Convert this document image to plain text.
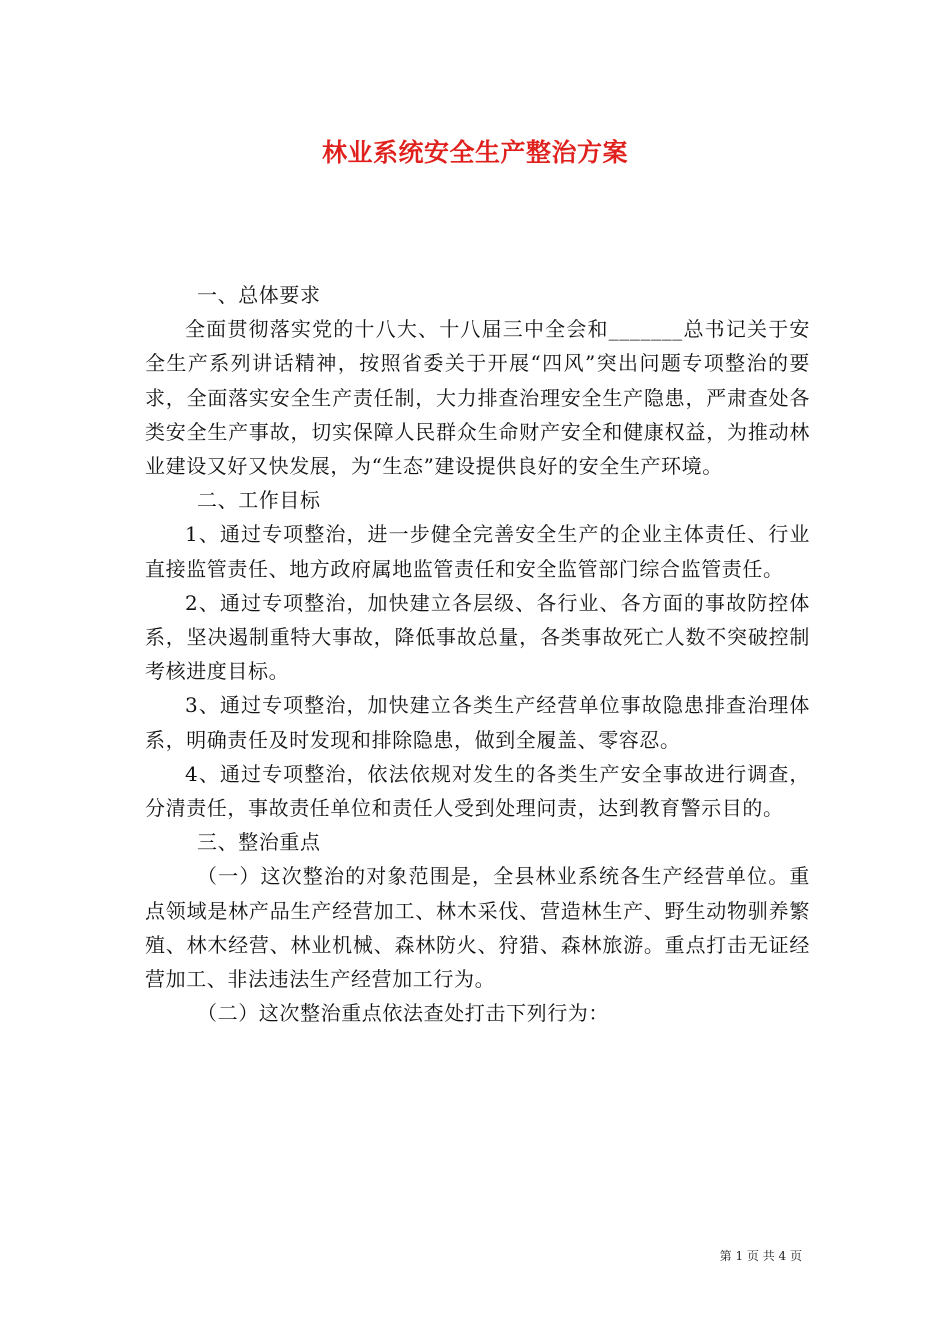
林业系统安全生产整治方案

一、总体要求

全面贯彻落实党的十八大、十八届三中全会和_______总书记关于安全生产系列讲话精神，按照省委关于开展“四风”突出问题专项整治的要求，全面落实安全生产责任制，大力排查治理安全生产隐患，严肃查处各类安全生产事故，切实保障人民群众生命财产安全和健康权益，为推动林业建设又好又快发展，为“生态”建设提供良好的安全生产环境。

二、工作目标

1、通过专项整治，进一步健全完善安全生产的企业主体责任、行业直接监管责任、地方政府属地监管责任和安全监管部门综合监管责任。

2、通过专项整治，加快建立各层级、各行业、各方面的事故防控体系，坚决遏制重特大事故，降低事故总量，各类事故死亡人数不突破控制考核进度目标。

3、通过专项整治，加快建立各类生产经营单位事故隐患排查治理体系，明确责任及时发现和排除隐患，做到全履盖、零容忍。

4、通过专项整治，依法依规对发生的各类生产安全事故进行调查，分清责任，事故责任单位和责任人受到处理问责，达到教育警示目的。

三、整治重点

（一）这次整治的对象范围是，全县林业系统各生产经营单位。重点领域是林产品生产经营加工、林木采伐、营造林生产、野生动物驯养繁殖、林木经营、林业机械、森林防火、狩猎、森林旅游。重点打击无证经营加工、非法违法生产经营加工行为。

（二）这次整治重点依法查处打击下列行为：

第 1 页 共 4 页
